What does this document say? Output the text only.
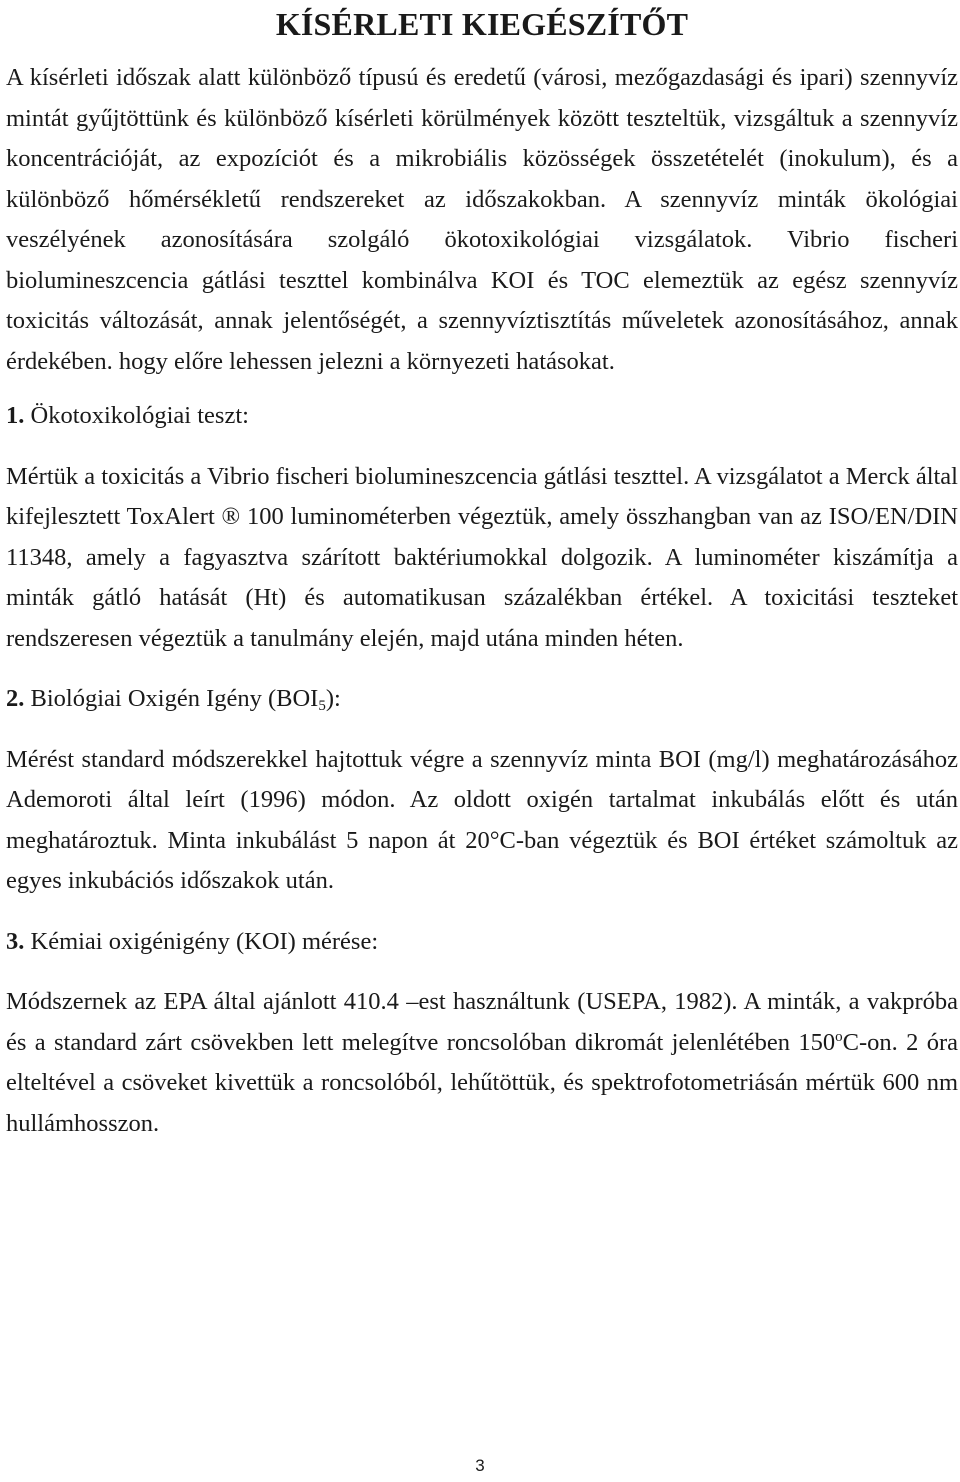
KÍSÉRLETI KIEGÉSZÍTŐT

A kísérleti időszak alatt különböző típusú és eredetű (városi, mezőgazdasági és ipari) szennyvíz mintát gyűjtöttünk és különböző kísérleti körülmények között teszteltük, vizsgáltuk a szennyvíz koncentrációját, az expozíciót és a mikrobiális közösségek összetételét (inokulum), és a különböző hőmérsékletű rendszereket az időszakokban. A szennyvíz minták ökológiai veszélyének azonosítására szolgáló ökotoxikológiai vizsgálatok. Vibrio fischeri biolumineszcencia gátlási teszttel kombinálva KOI és TOC elemeztük az egész szennyvíz toxicitás változását, annak jelentőségét, a szennyvíztisztítás műveletek azonosításához, annak érdekében. hogy előre lehessen jelezni a környezeti hatásokat.

1. Ökotoxikológiai teszt:

Mértük a toxicitás a Vibrio fischeri biolumineszcencia gátlási teszttel. A vizsgálatot a Merck által kifejlesztett ToxAlert ® 100 luminométerben végeztük, amely összhangban van az ISO/EN/DIN 11348, amely a fagyasztva szárított baktériumokkal dolgozik. A luminométer kiszámítja a minták gátló hatását (Ht) és automatikusan százalékban értékel. A toxicitási teszteket rendszeresen végeztük a tanulmány elején, majd utána minden héten.

2. Biológiai Oxigén Igény $(BOI_5)$:

Mérést standard módszerekkel hajtottuk végre a szennyvíz minta BOI (mg/l) meghatározásához Ademoroti által leírt (1996) módon. Az oldott oxigén tartalmat inkubálás előtt és után meghatároztuk. Minta inkubálást 5 napon át 20°C-ban végeztük és BOI értéket számoltuk az egyes inkubációs időszakok után.

3. Kémiai oxigénigény (KOI) mérése:

Módszernek az EPA által ajánlott 410.4 –est használtunk (USEPA, 1982). A minták, a vakpróba és a standard zárt csövekben lett melegítve roncsolóban dikromát jelenlétében 150$^o$C-on. 2 óra elteltével a csöveket kivettük a roncsolóból, lehűtöttük, és spektrofotometriásán mértük 600 nm hullámhosszon.

3
